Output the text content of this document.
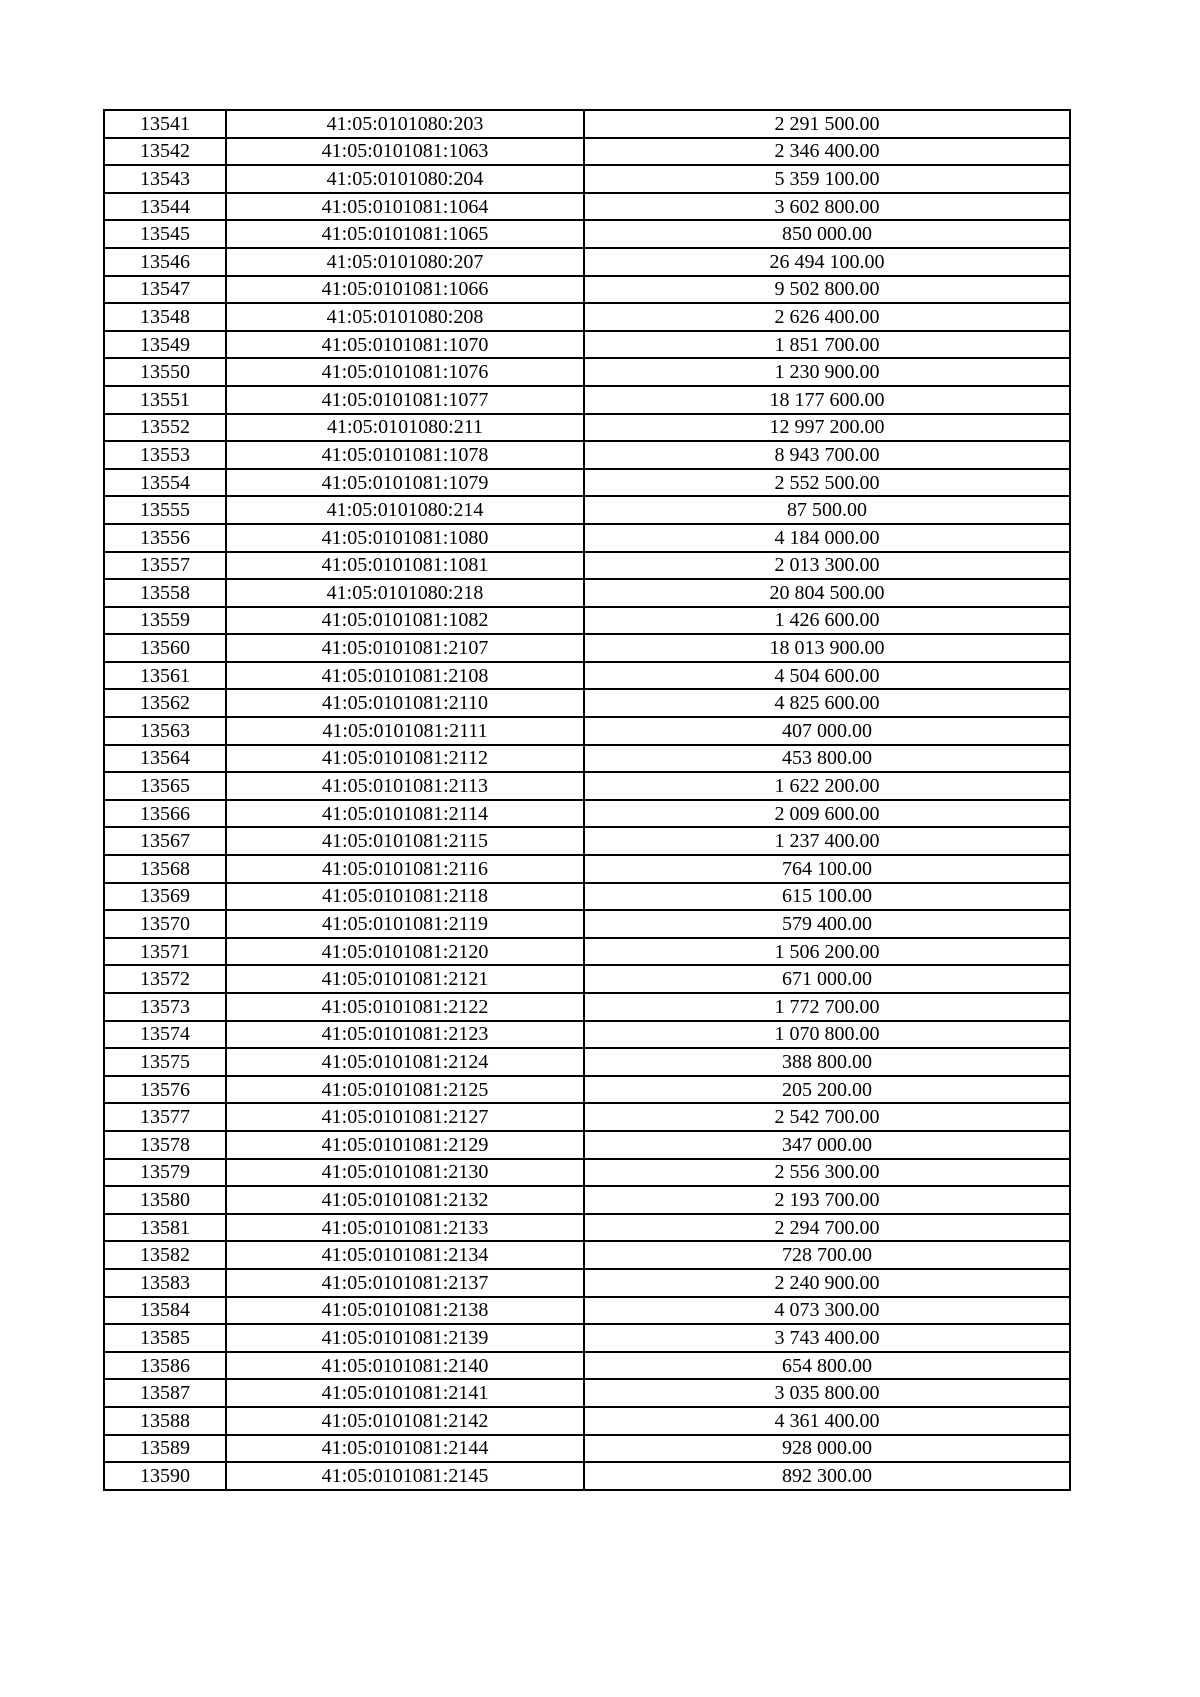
13541	41:05:0101080:203	2 291 500.00
13542	41:05:0101081:1063	2 346 400.00
13543	41:05:0101080:204	5 359 100.00
13544	41:05:0101081:1064	3 602 800.00
13545	41:05:0101081:1065	850 000.00
13546	41:05:0101080:207	26 494 100.00
13547	41:05:0101081:1066	9 502 800.00
13548	41:05:0101080:208	2 626 400.00
13549	41:05:0101081:1070	1 851 700.00
13550	41:05:0101081:1076	1 230 900.00
13551	41:05:0101081:1077	18 177 600.00
13552	41:05:0101080:211	12 997 200.00
13553	41:05:0101081:1078	8 943 700.00
13554	41:05:0101081:1079	2 552 500.00
13555	41:05:0101080:214	87 500.00
13556	41:05:0101081:1080	4 184 000.00
13557	41:05:0101081:1081	2 013 300.00
13558	41:05:0101080:218	20 804 500.00
13559	41:05:0101081:1082	1 426 600.00
13560	41:05:0101081:2107	18 013 900.00
13561	41:05:0101081:2108	4 504 600.00
13562	41:05:0101081:2110	4 825 600.00
13563	41:05:0101081:2111	407 000.00
13564	41:05:0101081:2112	453 800.00
13565	41:05:0101081:2113	1 622 200.00
13566	41:05:0101081:2114	2 009 600.00
13567	41:05:0101081:2115	1 237 400.00
13568	41:05:0101081:2116	764 100.00
13569	41:05:0101081:2118	615 100.00
13570	41:05:0101081:2119	579 400.00
13571	41:05:0101081:2120	1 506 200.00
13572	41:05:0101081:2121	671 000.00
13573	41:05:0101081:2122	1 772 700.00
13574	41:05:0101081:2123	1 070 800.00
13575	41:05:0101081:2124	388 800.00
13576	41:05:0101081:2125	205 200.00
13577	41:05:0101081:2127	2 542 700.00
13578	41:05:0101081:2129	347 000.00
13579	41:05:0101081:2130	2 556 300.00
13580	41:05:0101081:2132	2 193 700.00
13581	41:05:0101081:2133	2 294 700.00
13582	41:05:0101081:2134	728 700.00
13583	41:05:0101081:2137	2 240 900.00
13584	41:05:0101081:2138	4 073 300.00
13585	41:05:0101081:2139	3 743 400.00
13586	41:05:0101081:2140	654 800.00
13587	41:05:0101081:2141	3 035 800.00
13588	41:05:0101081:2142	4 361 400.00
13589	41:05:0101081:2144	928 000.00
13590	41:05:0101081:2145	892 300.00
